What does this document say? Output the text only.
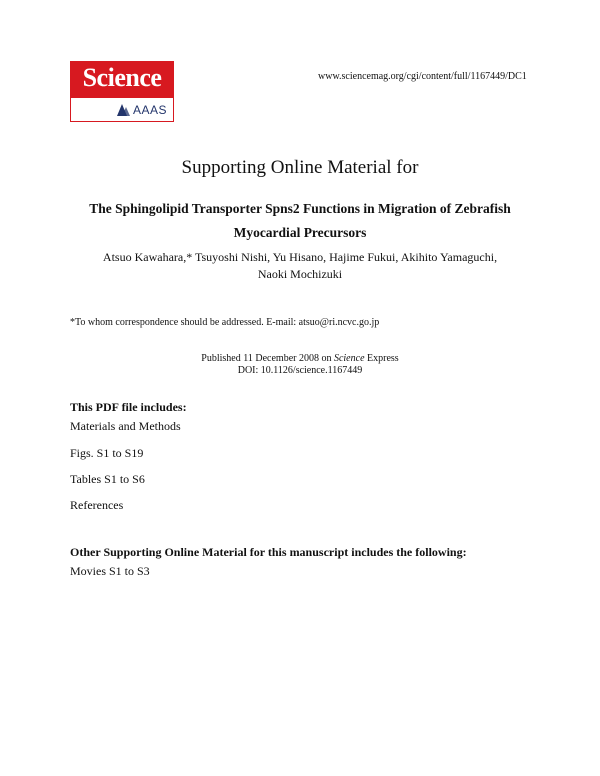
Science
AAAS
www.sciencemag.org/cgi/content/full/1167449/DC1
Supporting Online Material for
The Sphingolipid Transporter Spns2 Functions in Migration of Zebrafish
Myocardial Precursors
Atsuo Kawahara,* Tsuyoshi Nishi, Yu Hisano, Hajime Fukui, Akihito Yamaguchi,
Naoki Mochizuki
*To whom correspondence should be addressed. E-mail: atsuo@ri.ncvc.go.jp
Published 11 December 2008 on Science Express
DOI: 10.1126/science.1167449
This PDF file includes:
Materials and Methods
Figs. S1 to S19
Tables S1 to S6
References
Other Supporting Online Material for this manuscript includes the following:
Movies S1 to S3
